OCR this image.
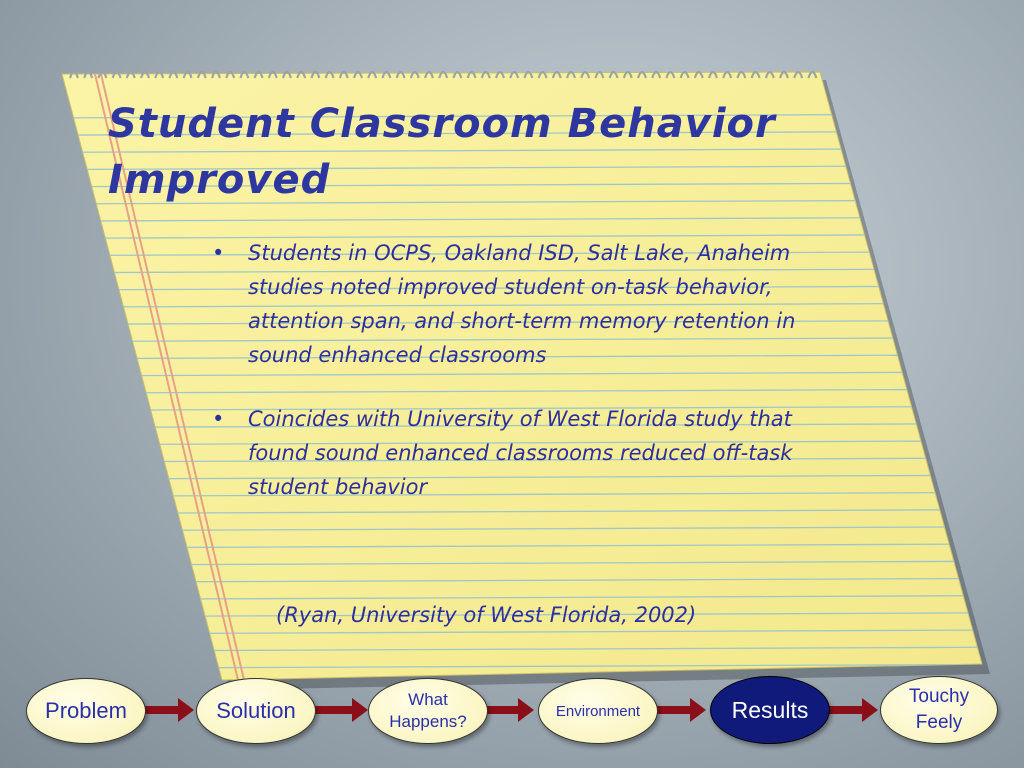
Student Classroom Behavior Improved
• Students in OCPS, Oakland ISD, Salt Lake, Anaheim studies noted improved student on-task behavior, attention span, and short-term memory retention in sound enhanced classrooms
• Coincides with University of West Florida study that found sound enhanced classrooms reduced off-task student behavior
(Ryan, University of West Florida, 2002)
Problem	Solution	What Happens?
Environment	Results	Touchy Feely
